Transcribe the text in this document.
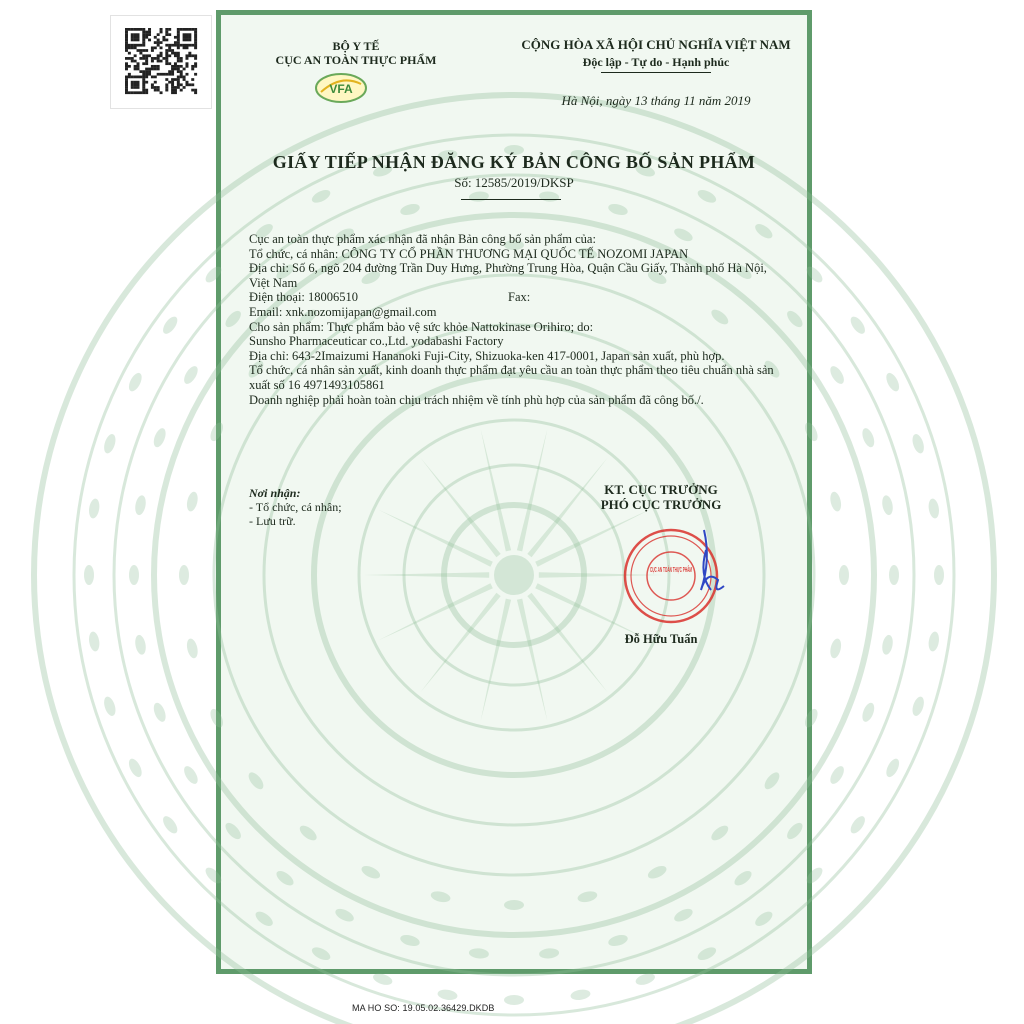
BỘ Y TẾ
CỤC AN TOÀN THỰC PHẨM
VFA
CỘNG HÒA XÃ HỘI CHỦ NGHĨA VIỆT NAM
Độc lập - Tự do - Hạnh phúc
Hà Nội, ngày 13 tháng 11 năm 2019
GIẤY TIẾP NHẬN ĐĂNG KÝ BẢN CÔNG BỐ SẢN PHẨM
Số: 12585/2019/DKSP

Cục an toàn thực phẩm xác nhận đã nhận Bản công bố sản phẩm của:

Tổ chức, cá nhân: CÔNG TY CỔ PHẦN THƯƠNG MẠI QUỐC TẾ NOZOMI JAPAN

Địa chỉ: Số 6, ngõ 204 đường Trần Duy Hưng, Phường Trung Hòa, Quận Cầu Giấy, Thành phố Hà Nội, Việt Nam

Điện thoại: 18006510	Fax:

Email: xnk.nozomijapan@gmail.com

Cho sản phẩm: Thực phẩm bảo vệ sức khỏe Nattokinase Orihiro; do:

Sunsho Pharmaceuticar co.,Ltd. yodabashi Factory

Địa chỉ: 643-2Imaizumi Hananoki Fuji-City, Shizuoka-ken 417-0001, Japan sản xuất, phù hợp.

Tổ chức, cá nhân sản xuất, kinh doanh thực phẩm đạt yêu cầu an toàn thực phẩm theo tiêu chuẩn nhà sản xuất số 16 4971493105861

Doanh nghiệp phải hoàn toàn chịu trách nhiệm về tính phù hợp của sản phẩm đã công bố./.

Nơi nhận:
- Tổ chức, cá nhân;
- Lưu trữ.
KT. CỤC TRƯỞNG
PHÓ CỤC TRƯỞNG
CỤC AN TOÀN THỰC PHẨM
Đỗ Hữu Tuấn
MA HO SO: 19.05.02.36429.DKDB
